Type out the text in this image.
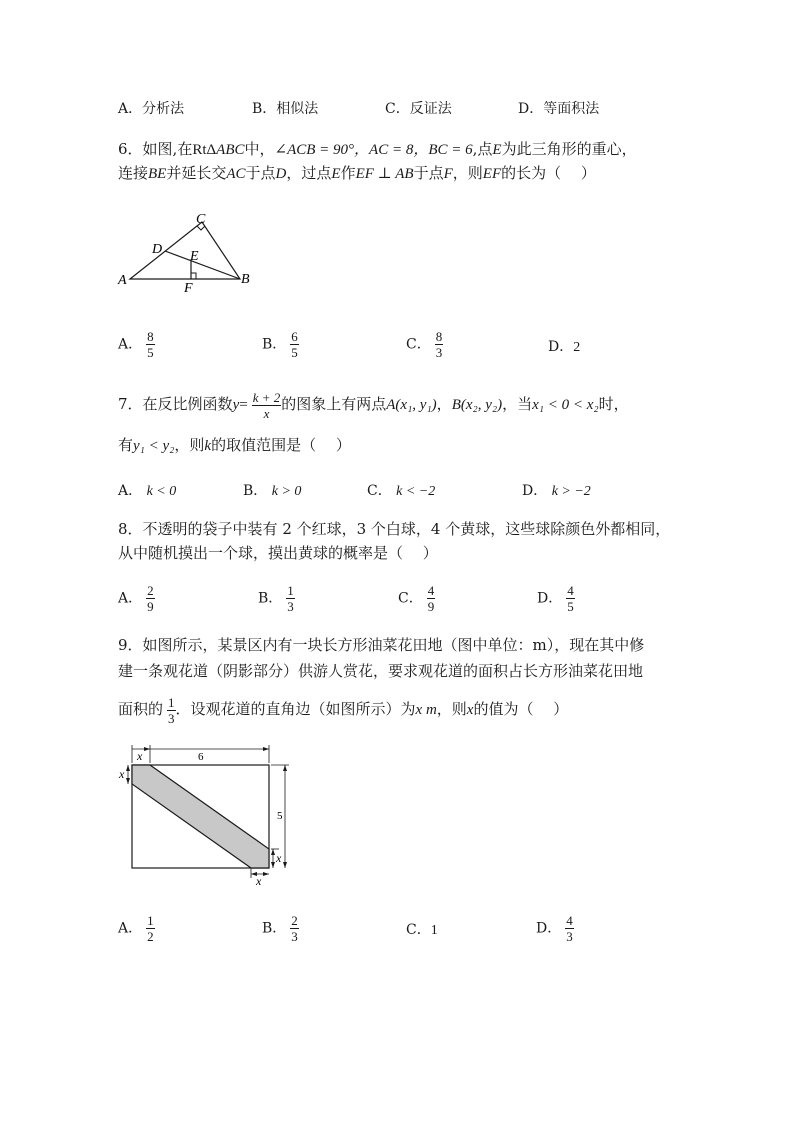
A．分析法	B．相似法	C．反证法	D．等面积法
6．如图,在RtΔABC中，∠ACB = 90°，AC = 8，BC = 6,点E为此三角形的重心，
连接BE并延长交AC于点D，过点E作EF ⊥ AB于点F，则EF的长为（　 ）
A	B
C
D E
F
A． $\frac{8}{5}$	B． $\frac{6}{5}$	C． $\frac{8}{3}$	D．2
7．在反比例函数$y= \frac{k + 2}{x}$ 的图象上有两点A(x₁, y₁)，B(x₂, y₂)，当x₁ < 0 < x₂时，
有y₁ < y₂，则k的取值范围是（　 ）
A． k < 0	B． k > 0	C． k < −2	D． k > −2
8．不透明的袋子中装有 2 个红球，3 个白球，4 个黄球，这些球除颜色外都相同，
从中随机摸出一个球，摸出黄球的概率是（　 ）
A． $\frac{2}{9}$	B． $\frac{1}{3}$	C． $\frac{4}{9}$	D． $\frac{4}{5}$
9．如图所示，某景区内有一块长方形油菜花田地（图中单位：m），现在其中修
建一条观花道（阴影部分）供游人赏花，要求观花道的面积占长方形油菜花田地
面积的 $\frac{1}{3}$ ．设观花道的直角边（如图所示）为x m，则x的值为（　 ）
6
x
x
5
x
x
A． $\frac{1}{2}$	B． $\frac{2}{3}$	C．1	D． $\frac{4}{3}$
